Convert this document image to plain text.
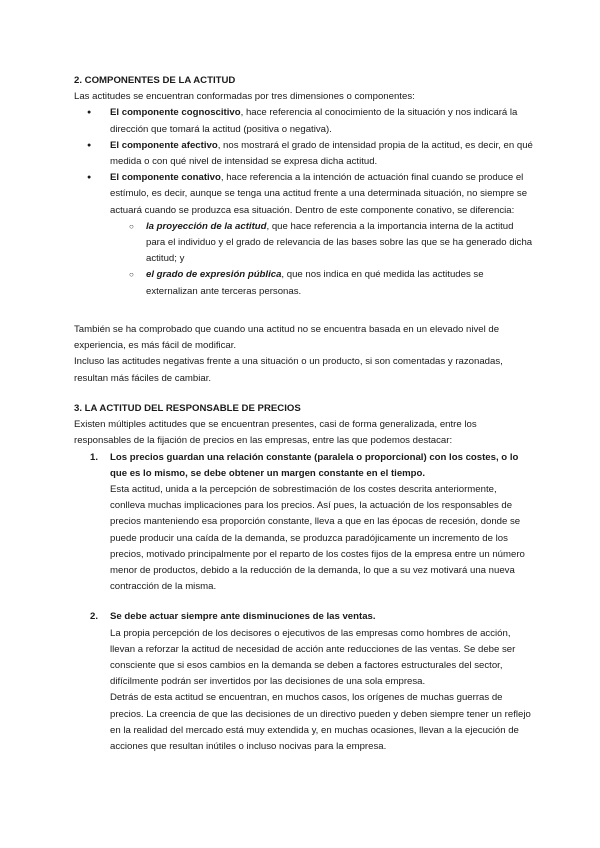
2. COMPONENTES DE LA ACTITUD

Las actitudes se encuentran conformadas por tres dimensiones o componentes:

● El componente cognoscitivo, hace referencia al conocimiento de la situación y nos indicará la dirección que tomará la actitud (positiva o negativa).
● El componente afectivo, nos mostrará el grado de intensidad propia de la actitud, es decir, en qué medida o con qué nivel de intensidad se expresa dicha actitud.
● El componente conativo, hace referencia a la intención de actuación final cuando se produce el estímulo, es decir, aunque se tenga una actitud frente a una determinada situación, no siempre se actuará cuando se produzca esa situación. Dentro de este componente conativo, se diferencia:
○ la proyección de la actitud, que hace referencia a la importancia interna de la actitud para el individuo y el grado de relevancia de las bases sobre las que se ha generado dicha actitud; y
○ el grado de expresión pública, que nos indica en qué medida las actitudes se externalizan ante terceras personas.

También se ha comprobado que cuando una actitud no se encuentra basada en un elevado nivel de experiencia, es más fácil de modificar.

Incluso las actitudes negativas frente a una situación o un producto, si son comentadas y razonadas, resultan más fáciles de cambiar.

3. LA ACTITUD DEL RESPONSABLE DE PRECIOS

Existen múltiples actitudes que se encuentran presentes, casi de forma generalizada, entre los responsables de la fijación de precios en las empresas, entre las que podemos destacar:

1. Los precios guardan una relación constante (paralela o proporcional) con los costes, o lo que es lo mismo, se debe obtener un margen constante en el tiempo.

Esta actitud, unida a la percepción de sobrestimación de los costes descrita anteriormente, conlleva muchas implicaciones para los precios. Así pues, la actuación de los responsables de precios manteniendo esa proporción constante, lleva a que en las épocas de recesión, donde se puede producir una caída de la demanda, se produzca paradójicamente un incremento de los precios, motivado principalmente por el reparto de los costes fijos de la empresa entre un número menor de productos, debido a la reducción de la demanda, lo que a su vez motivará una nueva contracción de la misma.

2. Se debe actuar siempre ante disminuciones de las ventas.

La propia percepción de los decisores o ejecutivos de las empresas como hombres de acción, llevan a reforzar la actitud de necesidad de acción ante reducciones de las ventas. Se debe ser consciente que si esos cambios en la demanda se deben a factores estructurales del sector, difícilmente podrán ser invertidos por las decisiones de una sola empresa.

Detrás de esta actitud se encuentran, en muchos casos, los orígenes de muchas guerras de precios. La creencia de que las decisiones de un directivo pueden y deben siempre tener un reflejo en la realidad del mercado está muy extendida y, en muchas ocasiones, llevan a la ejecución de acciones que resultan inútiles o incluso nocivas para la empresa.
